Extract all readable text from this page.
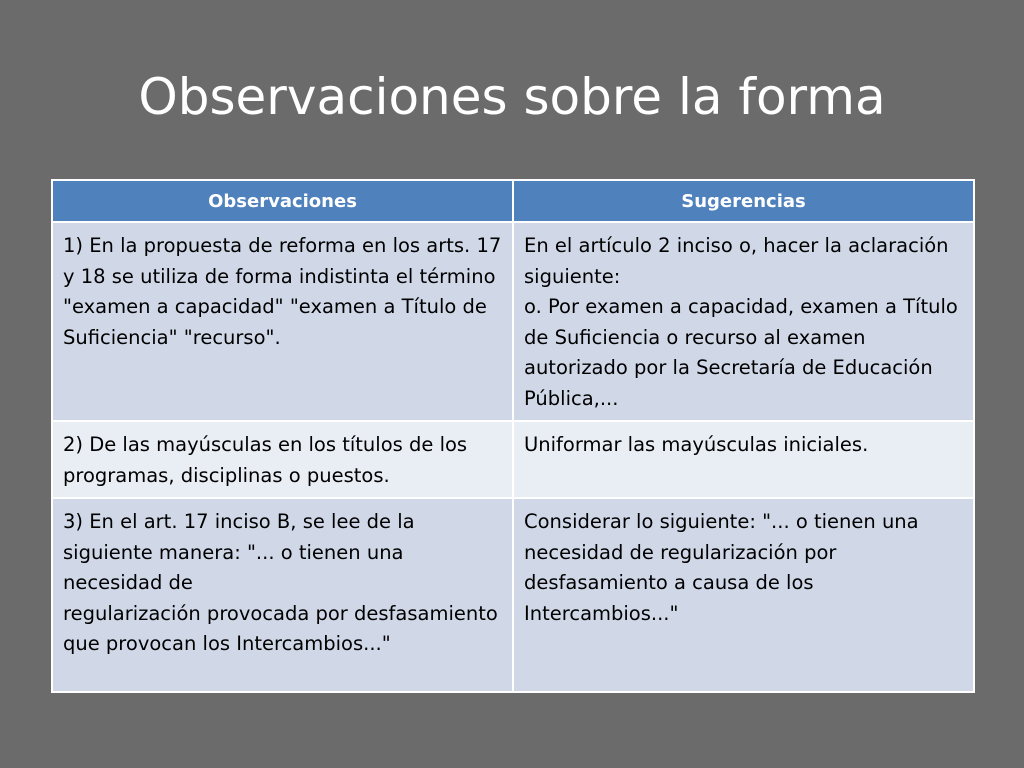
Observaciones sobre la forma
Observaciones	Sugerencias
1) En la propuesta de reforma en los arts. 17 y 18 se utiliza de forma indistinta el término "examen a capacidad" "examen a Título de Suficiencia" "recurso".	En el artículo 2 inciso o, hacer la aclaración siguiente:
o. Por examen a capacidad, examen a Título de Suficiencia o recurso al examen autorizado por la Secretaría de Educación Pública,...
2) De las mayúsculas en los títulos de los programas, disciplinas o puestos.	Uniformar las mayúsculas iniciales.
3) En el art. 17 inciso B, se lee de la siguiente manera: "... o tienen una necesidad de
regularización provocada por desfasamiento que provocan los Intercambios..."	Considerar lo siguiente: "... o tienen una necesidad de regularización por desfasamiento a causa de los Intercambios..."
